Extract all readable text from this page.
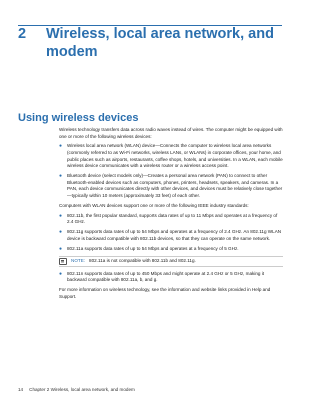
2	Wireless, local area network, and modem
Using wireless devices

Wireless technology transfers data across radio waves instead of wires. The computer might be equipped with one or more of the following wireless devices:

●	Wireless local area network (WLAN) device—Connects the computer to wireless local area networks (commonly referred to as Wi-Fi networks, wireless LANs, or WLANs) in corporate offices, your home, and public places such as airports, restaurants, coffee shops, hotels, and universities. In a WLAN, each mobile wireless device communicates with a wireless router or a wireless access point.
●	Bluetooth device (select models only)—Creates a personal area network (PAN) to connect to other Bluetooth-enabled devices such as computers, phones, printers, headsets, speakers, and cameras. In a PAN, each device communicates directly with other devices, and devices must be relatively close together—typically within 10 meters (approximately 33 feet) of each other.

Computers with WLAN devices support one or more of the following IEEE industry standards:

●	802.11b, the first popular standard, supports data rates of up to 11 Mbps and operates at a frequency of 2.4 GHz.
●	802.11g supports data rates of up to 54 Mbps and operates at a frequency of 2.4 GHz. An 802.11g WLAN device is backward compatible with 802.11b devices, so that they can operate on the same network.
●	802.11a supports data rates of up to 54 Mbps and operates at a frequency of 5 GHz.
NOTE: 802.11a is not compatible with 802.11b and 802.11g.
●	802.11n supports data rates of up to 450 Mbps and might operate at 2.4 GHz or 5 GHz, making it backward compatible with 802.11a, b, and g.

For more information on wireless technology, see the information and website links provided in Help and Support.

14 Chapter 2 Wireless, local area network, and modem
